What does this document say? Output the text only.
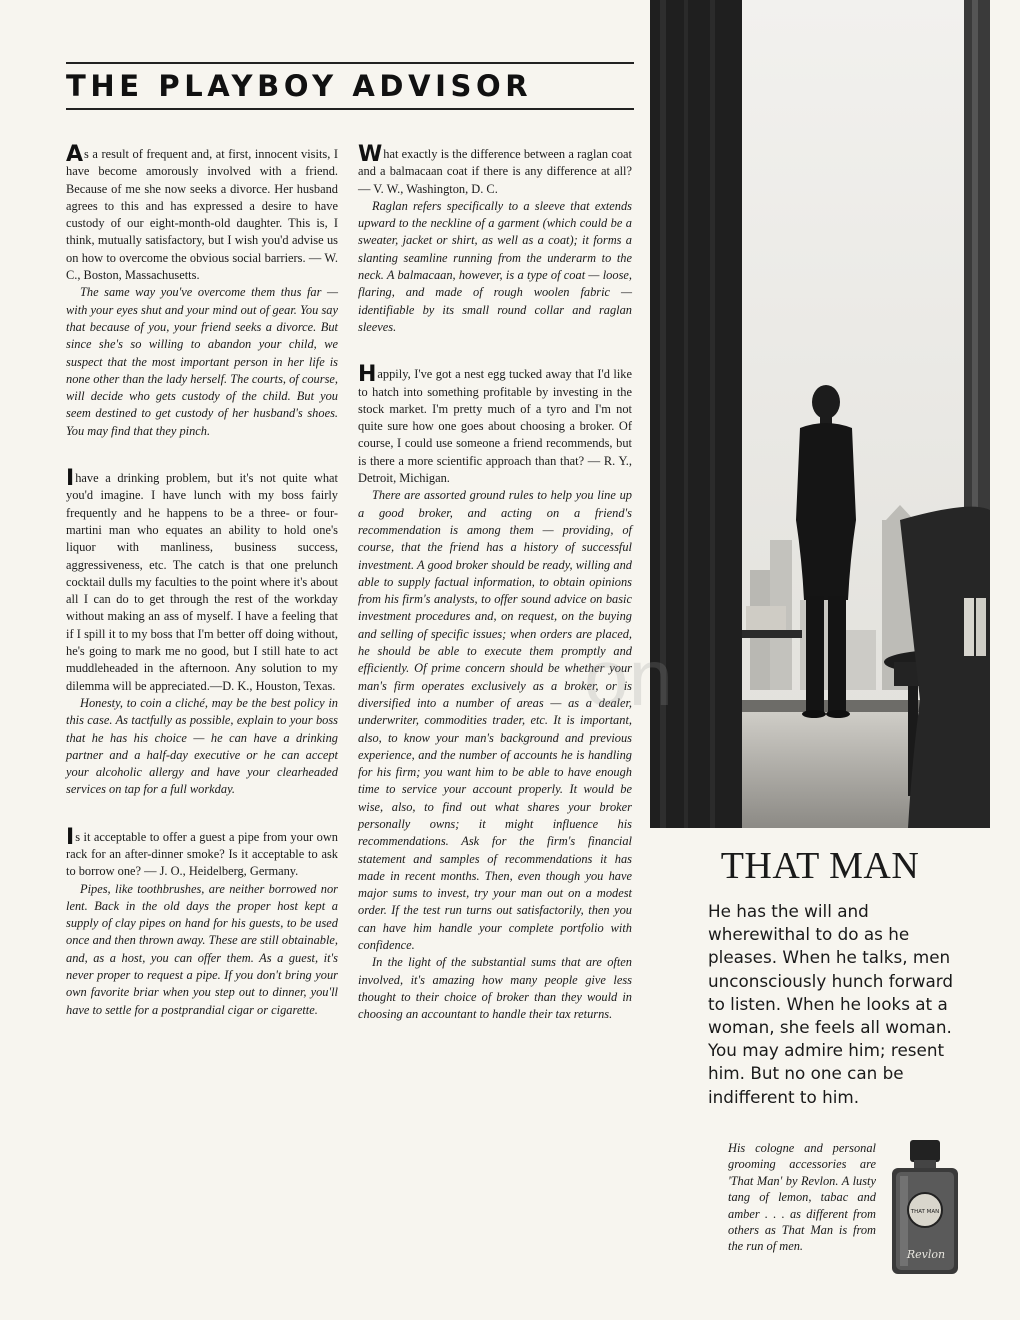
THE PLAYBOY ADVISOR

As a result of frequent and, at first, innocent visits, I have become amorously involved with a friend. Because of me she now seeks a divorce. Her husband agrees to this and has expressed a desire to have custody of our eight-month-old daughter. This is, I think, mutually satisfactory, but I wish you'd advise us on how to overcome the obvious social barriers. — W. C., Boston, Massachusetts.

The same way you've overcome them thus far — with your eyes shut and your mind out of gear. You say that because of you, your friend seeks a divorce. But since she's so willing to abandon your child, we suspect that the most important person in her life is none other than the lady herself. The courts, of course, will decide who gets custody of the child. But you seem destined to get custody of her husband's shoes. You may find that they pinch.

I have a drinking problem, but it's not quite what you'd imagine. I have lunch with my boss fairly frequently and he happens to be a three- or four-martini man who equates an ability to hold one's liquor with manliness, business success, aggressiveness, etc. The catch is that one prelunch cocktail dulls my faculties to the point where it's about all I can do to get through the rest of the workday without making an ass of myself. I have a feeling that if I spill it to my boss that I'm better off doing without, he's going to mark me no good, but I still hate to act muddleheaded in the afternoon. Any solution to my dilemma will be appreciated.—D. K., Houston, Texas.

Honesty, to coin a cliché, may be the best policy in this case. As tactfully as possible, explain to your boss that he has his choice — he can have a drinking partner and a half-day executive or he can accept your alcoholic allergy and have your clearheaded services on tap for a full workday.

Is it acceptable to offer a guest a pipe from your own rack for an after-dinner smoke? Is it acceptable to ask to borrow one? — J. O., Heidelberg, Germany.

Pipes, like toothbrushes, are neither borrowed nor lent. Back in the old days the proper host kept a supply of clay pipes on hand for his guests, to be used once and then thrown away. These are still obtainable, and, as a host, you can offer them. As a guest, it's never proper to request a pipe. If you don't bring your own favorite briar when you step out to dinner, you'll have to settle for a postprandial cigar or cigarette.

What exactly is the difference between a raglan coat and a balmacaan coat if there is any difference at all? — V. W., Washington, D. C.

Raglan refers specifically to a sleeve that extends upward to the neckline of a garment (which could be a sweater, jacket or shirt, as well as a coat); it forms a slanting seamline running from the underarm to the neck. A balmacaan, however, is a type of coat — loose, flaring, and made of rough woolen fabric — identifiable by its small round collar and raglan sleeves.

Happily, I've got a nest egg tucked away that I'd like to hatch into something profitable by investing in the stock market. I'm pretty much of a tyro and I'm not quite sure how one goes about choosing a broker. Of course, I could use someone a friend recommends, but is there a more scientific approach than that? — R. Y., Detroit, Michigan.

There are assorted ground rules to help you line up a good broker, and acting on a friend's recommendation is among them — providing, of course, that the friend has a history of successful investment. A good broker should be ready, willing and able to supply factual information, to obtain opinions from his firm's analysts, to offer sound advice on basic investment procedures and, on request, on the buying and selling of specific issues; when orders are placed, he should be able to execute them promptly and efficiently. Of prime concern should be whether your man's firm operates exclusively as a broker, or is diversified into a number of areas — as a dealer, underwriter, commodities trader, etc. It is important, also, to know your man's background and previous experience, and the number of accounts he is handling for his firm; you want him to be able to have enough time to service your account properly. It would be wise, also, to find out what shares your broker personally owns; it might influence his recommendations. Ask for the firm's financial statement and samples of recommendations it has made in recent months. Then, even though you have major sums to invest, try your man out on a modest order. If the test run turns out satisfactorily, then you can have him handle your complete portfolio with confidence.

In the light of the substantial sums that are often involved, it's amazing how many people give less thought to their choice of broker than they would in choosing an accountant to handle their tax returns.

on
THAT MAN
He has the will and wherewithal to do as he pleases. When he talks, men unconsciously hunch forward to listen. When he looks at a woman, she feels all woman. You may admire him; resent him. But no one can be indifferent to him.
His cologne and personal grooming accessories are 'That Man' by Revlon. A lusty tang of lemon, tabac and amber . . . as different from others as That Man is from the run of men.
THAT MAN
Revlon
